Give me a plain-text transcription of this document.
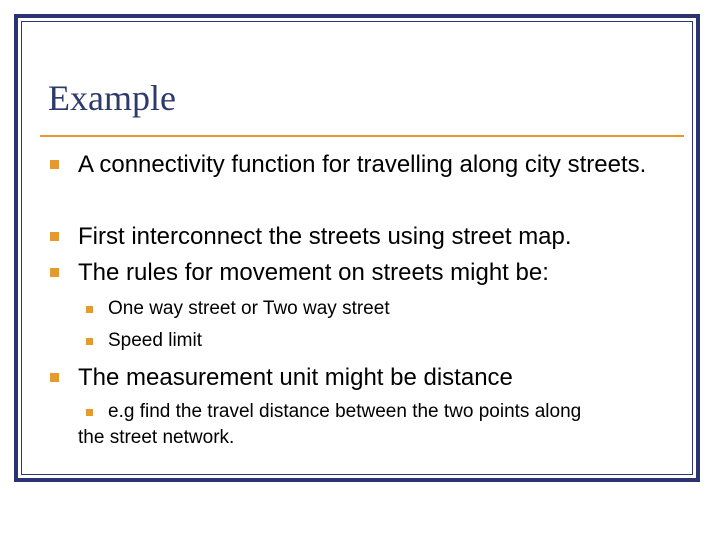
Example

A connectivity function for travelling along city streets.

First interconnect the streets using street map.

The rules for movement on streets might be:

One way street or Two way street

Speed limit

The measurement unit might be distance

e.g find the travel distance between the two points along

the street network.
